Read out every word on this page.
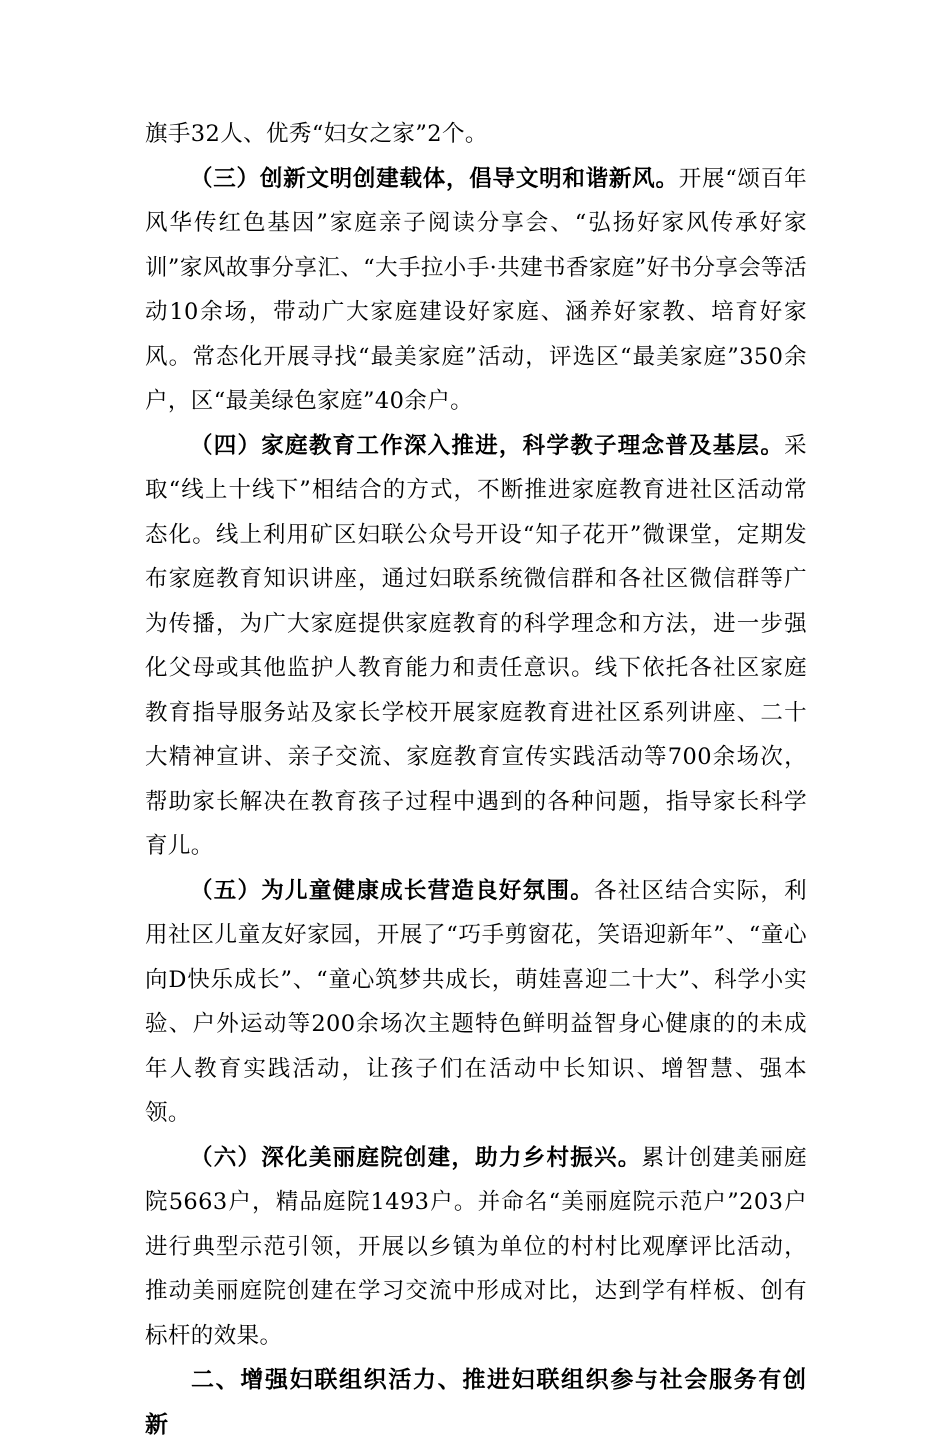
旗手32人、优秀“妇女之家”2个。

（三）创新文明创建载体，倡导文明和谐新风。开展“颂百年风华传红色基因”家庭亲子阅读分享会、“弘扬好家风传承好家训”家风故事分享汇、“大手拉小手·共建书香家庭”好书分享会等活动10余场，带动广大家庭建设好家庭、涵养好家教、培育好家风。常态化开展寻找“最美家庭”活动，评选区“最美家庭”350余户，区“最美绿色家庭”40余户。

（四）家庭教育工作深入推进，科学教子理念普及基层。采取“线上十线下”相结合的方式，不断推进家庭教育进社区活动常态化。线上利用矿区妇联公众号开设“知子花开”微课堂，定期发布家庭教育知识讲座，通过妇联系统微信群和各社区微信群等广为传播，为广大家庭提供家庭教育的科学理念和方法，进一步强化父母或其他监护人教育能力和责任意识。线下依托各社区家庭教育指导服务站及家长学校开展家庭教育进社区系列讲座、二十大精神宣讲、亲子交流、家庭教育宣传实践活动等700余场次，帮助家长解决在教育孩子过程中遇到的各种问题，指导家长科学育儿。

（五）为儿童健康成长营造良好氛围。各社区结合实际，利用社区儿童友好家园，开展了“巧手剪窗花，笑语迎新年”、“童心向D快乐成长”、“童心筑梦共成长，萌娃喜迎二十大”、科学小实验、户外运动等200余场次主题特色鲜明益智身心健康的的未成年人教育实践活动，让孩子们在活动中长知识、增智慧、强本领。

（六）深化美丽庭院创建，助力乡村振兴。累计创建美丽庭院5663户，精品庭院1493户。并命名“美丽庭院示范户”203户进行典型示范引领，开展以乡镇为单位的村村比观摩评比活动，推动美丽庭院创建在学习交流中形成对比，达到学有样板、创有标杆的效果。

二、增强妇联组织活力、推进妇联组织参与社会服务有创新
